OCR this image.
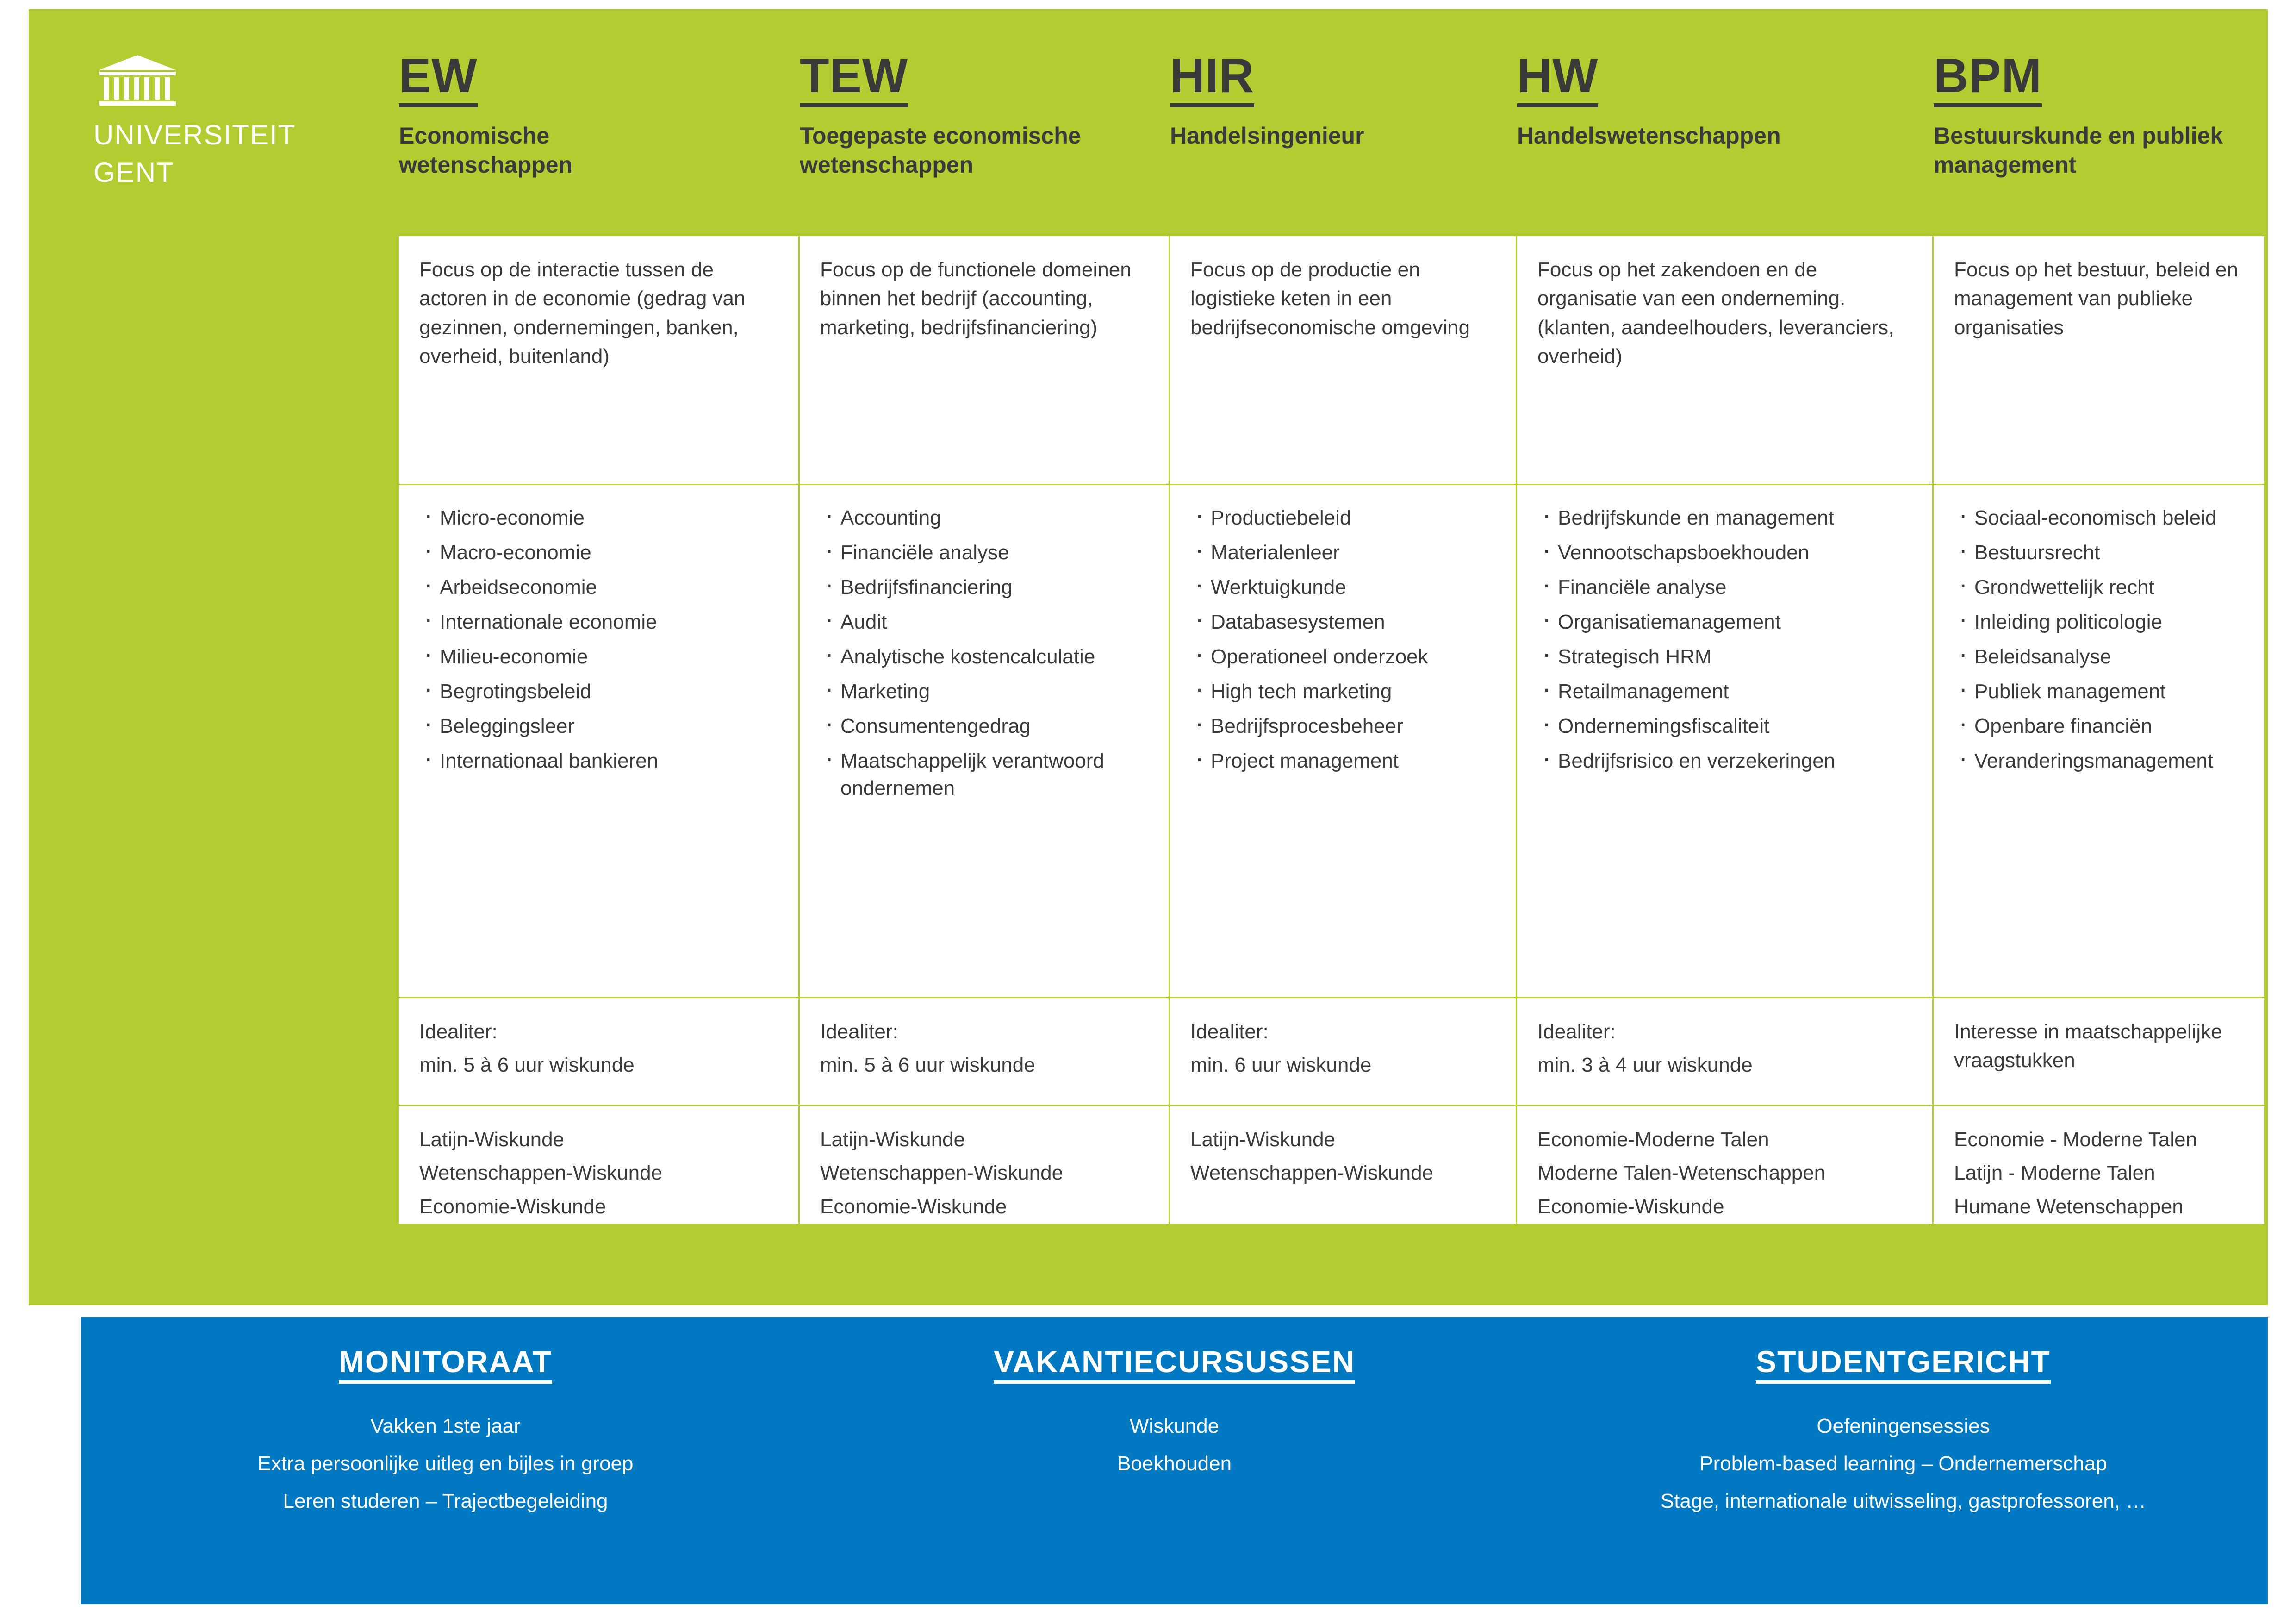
UNIVERSITEIT
GENT
EW
Economische wetenschappen
TEW
Toegepaste economische wetenschappen
HIR
Handelsingenieur
HW
Handelswetenschappen
BPM
Bestuurskunde en publiek management
Focus op de interactie tussen de actoren in de economie (gedrag van gezinnen, ondernemingen, banken, overheid, buitenland)
Focus op de functionele domeinen binnen het bedrijf (accounting, marketing, bedrijfsfinanciering)
Focus op de productie en logistieke keten in een bedrijfseconomische omgeving
Focus op het zakendoen en de organisatie van een onderneming. (klanten, aandeelhouders, leveranciers, overheid)
Focus op het bestuur, beleid en management van publieke organisaties
· Micro-economie
· Macro-economie
· Arbeidseconomie
· Internationale economie
· Milieu-economie
· Begrotingsbeleid
· Beleggingsleer
· Internationaal bankieren
· Accounting
· Financiële analyse
· Bedrijfsfinanciering
· Audit
· Analytische kostencalculatie
· Marketing
· Consumentengedrag
· Maatschappelijk verantwoord ondernemen
· Productiebeleid
· Materialenleer
· Werktuigkunde
· Databasesystemen
· Operationeel onderzoek
· High tech marketing
· Bedrijfsprocesbeheer
· Project management
· Bedrijfskunde en management
· Vennootschapsboekhouden
· Financiële analyse
· Organisatiemanagement
· Strategisch HRM
· Retailmanagement
· Ondernemingsfiscaliteit
· Bedrijfsrisico en verzekeringen
· Sociaal-economisch beleid
· Bestuursrecht
· Grondwettelijk recht
· Inleiding politicologie
· Beleidsanalyse
· Publiek management
· Openbare financiën
· Veranderingsmanagement
Idealiter:
min. 5 à 6 uur wiskunde
Idealiter:
min. 5 à 6 uur wiskunde
Idealiter:
min. 6 uur wiskunde
Idealiter:
min. 3 à 4 uur wiskunde
Interesse in maatschappelijke vraagstukken
Latijn-Wiskunde
Wetenschappen-Wiskunde
Economie-Wiskunde
Latijn-Wiskunde
Wetenschappen-Wiskunde
Economie-Wiskunde
Latijn-Wiskunde
Wetenschappen-Wiskunde
Economie-Moderne Talen
Moderne Talen-Wetenschappen
Economie-Wiskunde
Economie - Moderne Talen
Latijn - Moderne Talen
Humane Wetenschappen
MONITORAAT
Vakken 1ste jaar
Extra persoonlijke uitleg en bijles in groep
Leren studeren – Trajectbegeleiding
VAKANTIECURSUSSEN
Wiskunde
Boekhouden
STUDENTGERICHT
Oefeningensessies
Problem-based learning – Ondernemerschap
Stage, internationale uitwisseling, gastprofessoren, …
